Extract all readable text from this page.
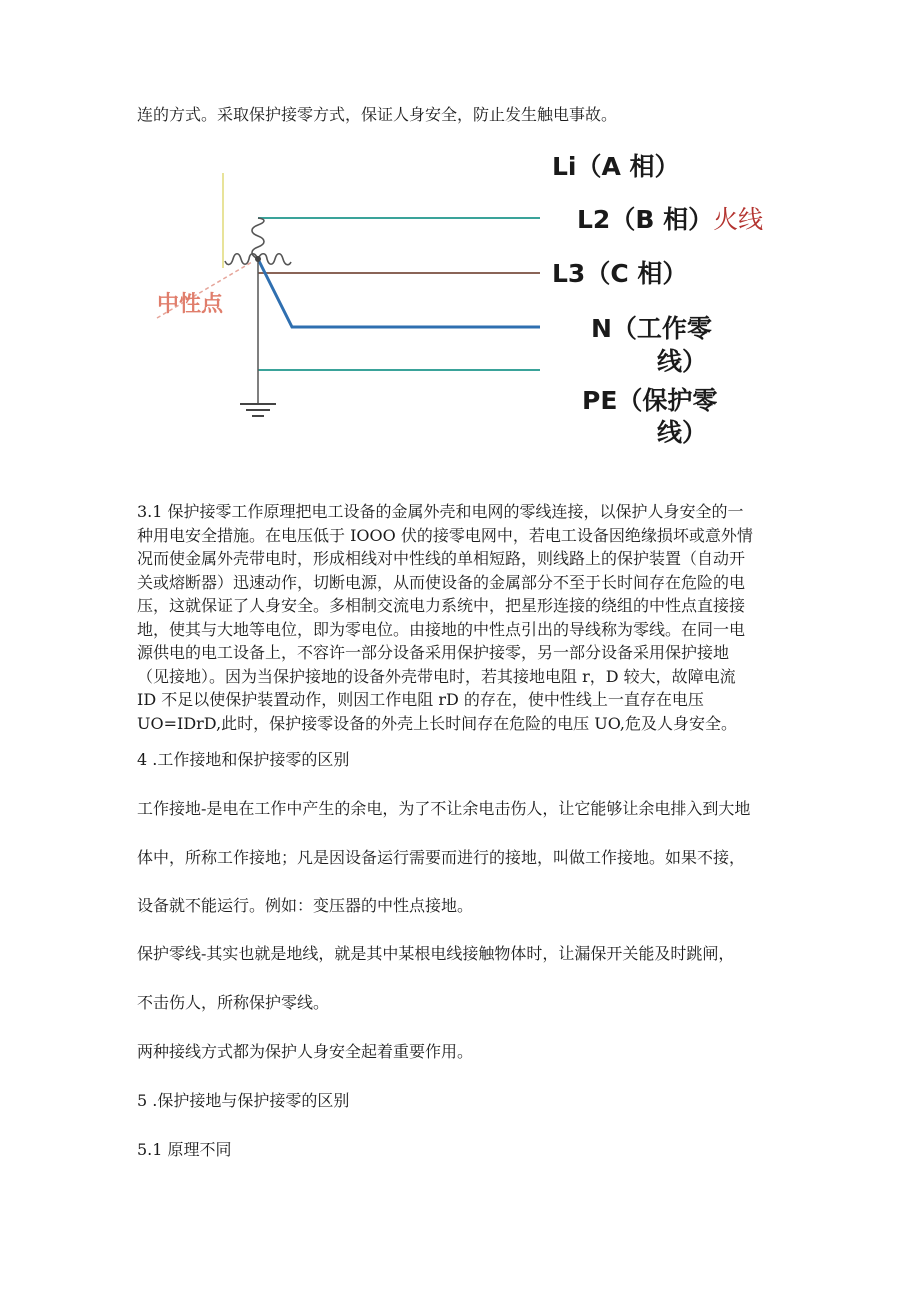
连的方式。采取保护接零方式，保证人身安全，防止发生触电事故。

中性点
Li（A 相）
L2（B 相）火线
L3（C 相）
N（工作零
线）
PE（保护零
线）
3.1 保护接零工作原理把电工设备的金属外壳和电网的零线连接，以保护人身安全的一
种用电安全措施。在电压低于 IOOO 伏的接零电网中，若电工设备因绝缘损坏或意外情
况而使金属外壳带电时，形成相线对中性线的单相短路，则线路上的保护装置（自动开
关或熔断器）迅速动作，切断电源，从而使设备的金属部分不至于长时间存在危险的电
压，这就保证了人身安全。多相制交流电力系统中，把星形连接的绕组的中性点直接接
地，使其与大地等电位，即为零电位。由接地的中性点引出的导线称为零线。在同一电
源供电的电工设备上，不容许一部分设备采用保护接零，另一部分设备采用保护接地
（见接地）。因为当保护接地的设备外壳带电时，若其接地电阻 r，D 较大，故障电流
ID 不足以使保护装置动作，则因工作电阻 rD 的存在，使中性线上一直存在电压
UO=IDrD,此时，保护接零设备的外壳上长时间存在危险的电压 UO,危及人身安全。

4 .工作接地和保护接零的区别

工作接地-是电在工作中产生的余电，为了不让余电击伤人，让它能够让余电排入到大地

体中，所称工作接地；凡是因设备运行需要而进行的接地，叫做工作接地。如果不接，

设备就不能运行。例如：变压器的中性点接地。

保护零线-其实也就是地线，就是其中某根电线接触物体时，让漏保开关能及时跳闸，

不击伤人，所称保护零线。

两种接线方式都为保护人身安全起着重要作用。

5 .保护接地与保护接零的区别

5.1 原理不同
